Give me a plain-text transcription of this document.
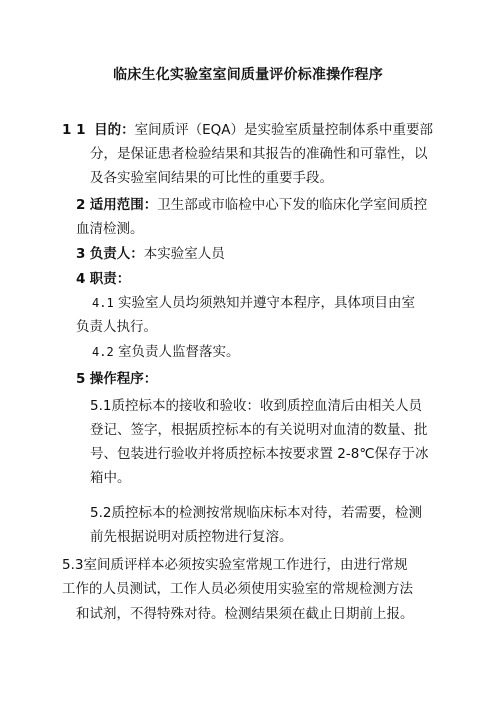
临床生化实验室室间质量评价标准操作程序
1 1 目的：室间质评（EQA）是实验室质量控制体系中重要部
分，是保证患者检验结果和其报告的准确性和可靠性，以
及各实验室间结果的可比性的重要手段。
2 适用范围：卫生部或市临检中心下发的临床化学室间质控
血清检测。
3 负责人：本实验室人员
4 职责：
4.1 实验室人员均须熟知并遵守本程序，具体项目由室
负责人执行。
4.2 室负责人监督落实。
5 操作程序：
5.1质控标本的接收和验收：收到质控血清后由相关人员
登记、签字，根据质控标本的有关说明对血清的数量、批
号、包装进行验收并将质控标本按要求置 2-8℃保存于冰
箱中。
5.2质控标本的检测按常规临床标本对待，若需要，检测
前先根据说明对质控物进行复溶。
5.3室间质评样本必须按实验室常规工作进行，由进行常规
工作的人员测试，工作人员必须使用实验室的常规检测方法
和试剂，不得特殊对待。检测结果须在截止日期前上报。
